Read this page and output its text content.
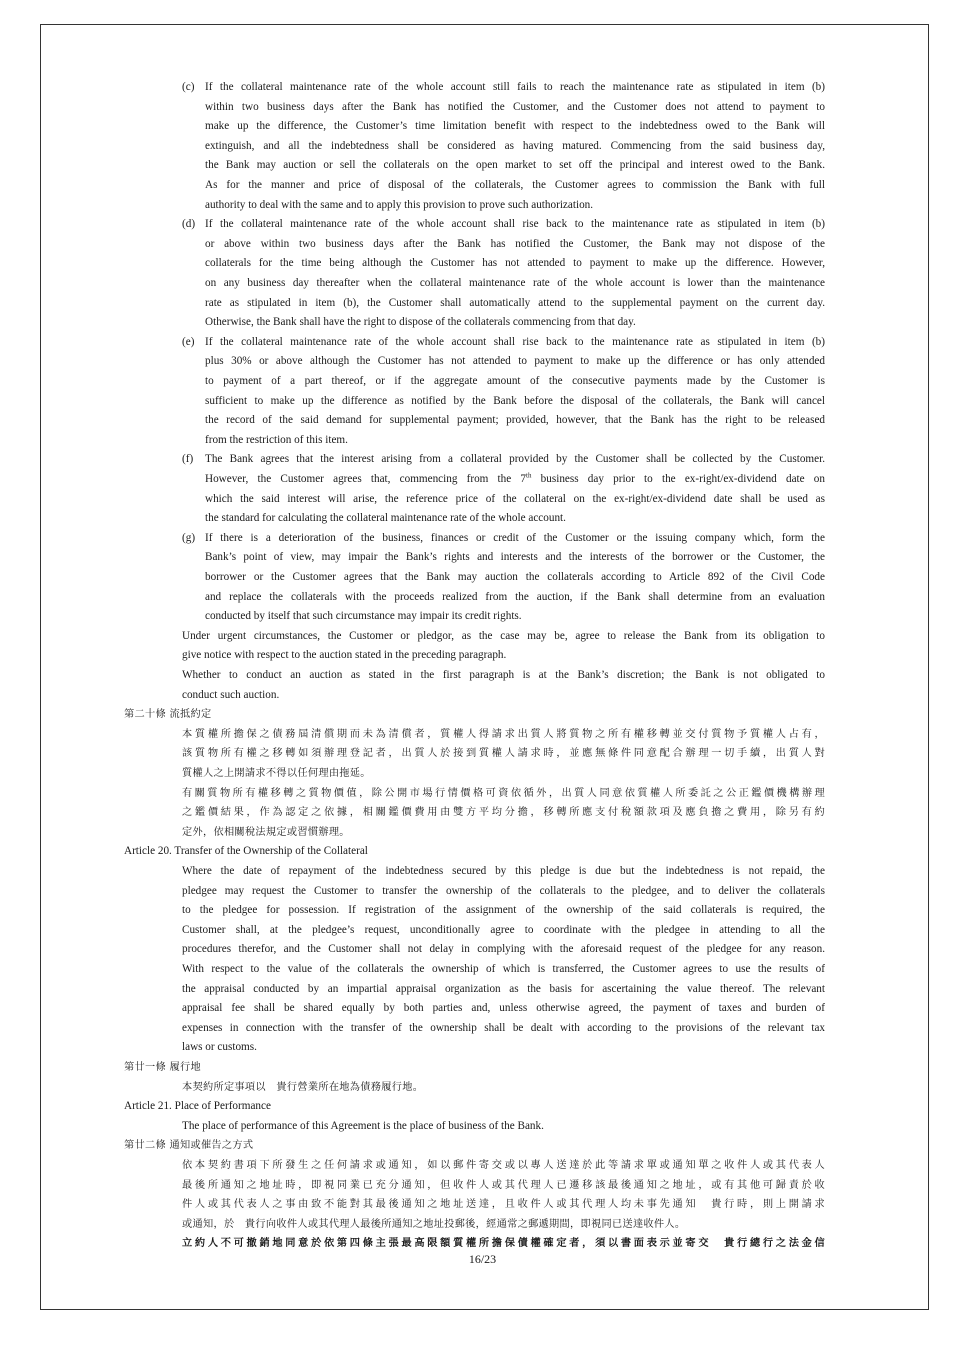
(c) If the collateral maintenance rate of the whole account still fails to reach the maintenance rate as stipulated in item (b)
within two business days after the Bank has notified the Customer, and the Customer does not attend to payment to
make up the difference, the Customer’s time limitation benefit with respect to the indebtedness owed to the Bank will
extinguish, and all the indebtedness shall be considered as having matured. Commencing from the said business day,
the Bank may auction or sell the collaterals on the open market to set off the principal and interest owed to the Bank.
As for the manner and price of disposal of the collaterals, the Customer agrees to commission the Bank with full
authority to deal with the same and to apply this provision to prove such authorization.
(d) If the collateral maintenance rate of the whole account shall rise back to the maintenance rate as stipulated in item (b)
or above within two business days after the Bank has notified the Customer, the Bank may not dispose of the
collaterals for the time being although the Customer has not attended to payment to make up the difference. However,
on any business day thereafter when the collateral maintenance rate of the whole account is lower than the maintenance
rate as stipulated in item (b), the Customer shall automatically attend to the supplemental payment on the current day.
Otherwise, the Bank shall have the right to dispose of the collaterals commencing from that day.
(e) If the collateral maintenance rate of the whole account shall rise back to the maintenance rate as stipulated in item (b)
plus 30% or above although the Customer has not attended to payment to make up the difference or has only attended
to payment of a part thereof, or if the aggregate amount of the consecutive payments made by the Customer is
sufficient to make up the difference as notified by the Bank before the disposal of the collaterals, the Bank will cancel
the record of the said demand for supplemental payment; provided, however, that the Bank has the right to be released
from the restriction of this item.
(f) The Bank agrees that the interest arising from a collateral provided by the Customer shall be collected by the Customer.
However, the Customer agrees that, commencing from the 7th business day prior to the ex-right/ex-dividend date on
which the said interest will arise, the reference price of the collateral on the ex-right/ex-dividend date shall be used as
the standard for calculating the collateral maintenance rate of the whole account.
(g) If there is a deterioration of the business, finances or credit of the Customer or the issuing company which, form the
Bank’s point of view, may impair the Bank’s rights and interests and the interests of the borrower or the Customer, the
borrower or the Customer agrees that the Bank may auction the collaterals according to Article 892 of the Civil Code
and replace the collaterals with the proceeds realized from the auction, if the Bank shall determine from an evaluation
conducted by itself that such circumstance may impair its credit rights.
Under urgent circumstances, the Customer or pledgor, as the case may be, agree to release the Bank from its obligation to
give notice with respect to the auction stated in the preceding paragraph.
Whether to conduct an auction as stated in the first paragraph is at the Bank’s discretion; the Bank is not obligated to
conduct such auction.
第二十條 流抵約定
本質權所擔保之債務屆清償期而未為清償者，質權人得請求出質人將質物之所有權移轉並交付質物予質權人占有，
該質物所有權之移轉如須辦理登記者，出質人於接到質權人請求時，並應無條件同意配合辦理一切手續，出質人對
質權人之上開請求不得以任何理由拖延。
有關質物所有權移轉之質物價值，除公開市場行情價格可資依循外，出質人同意依質權人所委託之公正鑑價機構辦理
之鑑價結果，作為認定之依據，相關鑑價費用由雙方平均分擔，移轉所應支付稅額款項及應負擔之費用，除另有約
定外，依相關稅法規定或習慣辦理。
Article 20. Transfer of the Ownership of the Collateral
Where the date of repayment of the indebtedness secured by this pledge is due but the indebtedness is not repaid, the
pledgee may request the Customer to transfer the ownership of the collaterals to the pledgee, and to deliver the collaterals
to the pledgee for possession. If registration of the assignment of the ownership of the said collaterals is required, the
Customer shall, at the pledgee’s request, unconditionally agree to coordinate with the pledgee in attending to all the
procedures therefor, and the Customer shall not delay in complying with the aforesaid request of the pledgee for any reason.
With respect to the value of the collaterals the ownership of which is transferred, the Customer agrees to use the results of
the appraisal conducted by an impartial appraisal organization as the basis for ascertaining the value thereof. The relevant
appraisal fee shall be shared equally by both parties and, unless otherwise agreed, the payment of taxes and burden of
expenses in connection with the transfer of the ownership shall be dealt with according to the provisions of the relevant tax
laws or customs.
第廿一條 履行地
本契約所定事項以　貴行營業所在地為債務履行地。
Article 21. Place of Performance
The place of performance of this Agreement is the place of business of the Bank.
第廿二條 通知或催告之方式
依本契約書項下所發生之任何請求或通知，如以郵件寄交或以專人送達於此等請求單或通知單之收件人或其代表人
最後所通知之地址時，即視同業已充分通知，但收件人或其代理人已遷移該最後通知之地址，或有其他可歸責於收
件人或其代表人之事由致不能對其最後通知之地址送達，且收件人或其代理人均未事先通知　貴行時，則上開請求
或通知，於　貴行向收件人或其代理人最後所通知之地址投郵後，經通常之郵遞期間，即視同已送達收件人。
立約人不可撤銷地同意於依第四條主張最高限額質權所擔保債權確定者，須以書面表示並寄交　貴行總行之法金信
16/23
